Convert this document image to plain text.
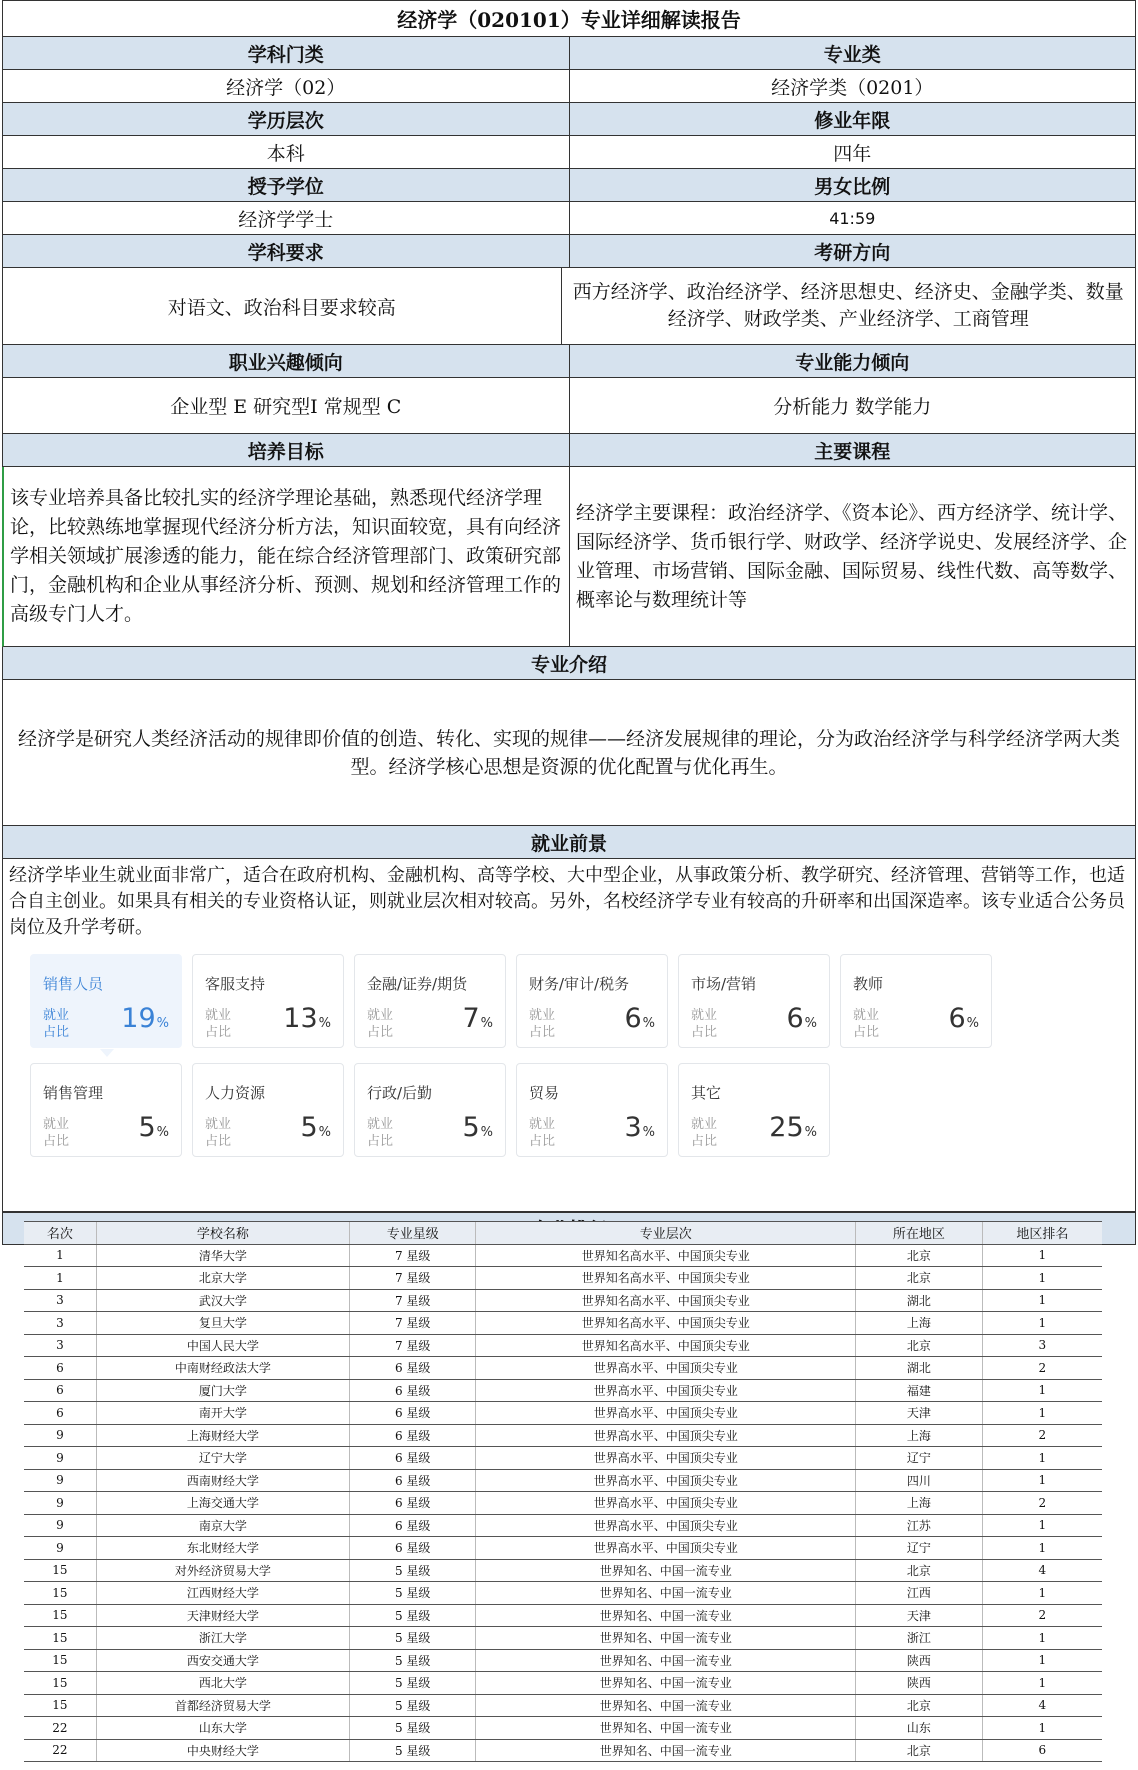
经济学（020101）专业详细解读报告
学科门类	专业类
经济学（02）	经济学类（0201）
学历层次	修业年限
本科	四年
授予学位	男女比例
经济学学士	41:59
学科要求	考研方向
对语文、政治科目要求较高
西方经济学、政治经济学、经济思想史、经济史、金融学类、数量经济学、财政学类、产业经济学、工商管理
职业兴趣倾向	专业能力倾向
企业型 E 研究型I 常规型 C	分析能力 数学能力
培养目标	主要课程
该专业培养具备比较扎实的经济学理论基础，熟悉现代经济学理论，比较熟练地掌握现代经济分析方法，知识面较宽，具有向经济学相关领域扩展渗透的能力，能在综合经济管理部门、政策研究部门，金融机构和企业从事经济分析、预测、规划和经济管理工作的高级专门人才。
经济学主要课程：政治经济学、《资本论》、西方经济学、统计学、国际经济学、货币银行学、财政学、经济学说史、发展经济学、企业管理、市场营销、国际金融、国际贸易、线性代数、高等数学、概率论与数理统计等
专业介绍
经济学是研究人类经济活动的规律即价值的创造、转化、实现的规律——经济发展规律的理论，分为政治经济学与科学经济学两大类型。经济学核心思想是资源的优化配置与优化再生。
就业前景
经济学毕业生就业面非常广，适合在政府机构、金融机构、高等学校、大中型企业，从事政策分析、教学研究、经济管理、营销等工作，也适合自主创业。如果具有相关的专业资格认证，则就业层次相对较高。另外，名校经济学专业有较高的升研率和出国深造率。该专业适合公务员岗位及升学考研。
销售人员
就业
占比 19%
客服支持
就业
占比 13%
金融/证券/期货
就业
占比	7%
财务/审计/税务
就业
占比	6%
市场/营销
就业
占比	6%
教师
就业
占比	6%
销售管理
就业
占比	5%
人力资源
就业
占比	5%
行政/后勤
就业
占比	5%
贸易
就业
占比	3%
其它
就业
占比 25%
名次	学校名称	专业星级	专业层次	所在地区	地区排名
1	清华大学	7 星级	世界知名高水平、中国顶尖专业	北京	1
1	北京大学	7 星级	世界知名高水平、中国顶尖专业	北京	1
3	武汉大学	7 星级	世界知名高水平、中国顶尖专业	湖北	1
3	复旦大学	7 星级	世界知名高水平、中国顶尖专业	上海	1
3	中国人民大学	7 星级	世界知名高水平、中国顶尖专业	北京	3
6	中南财经政法大学	6 星级	世界高水平、中国顶尖专业	湖北	2
6	厦门大学	6 星级	世界高水平、中国顶尖专业	福建	1
6	南开大学	6 星级	世界高水平、中国顶尖专业	天津	1
9	上海财经大学	6 星级	世界高水平、中国顶尖专业	上海	2
9	辽宁大学	6 星级	世界高水平、中国顶尖专业	辽宁	1
9	西南财经大学	6 星级	世界高水平、中国顶尖专业	四川	1
9	上海交通大学	6 星级	世界高水平、中国顶尖专业	上海	2
9	南京大学	6 星级	世界高水平、中国顶尖专业	江苏	1
9	东北财经大学	6 星级	世界高水平、中国顶尖专业	辽宁	1
15	对外经济贸易大学	5 星级	世界知名、中国一流专业	北京	4
15	江西财经大学	5 星级	世界知名、中国一流专业	江西	1
15	天津财经大学	5 星级	世界知名、中国一流专业	天津	2
15	浙江大学	5 星级	世界知名、中国一流专业	浙江	1
15	西安交通大学	5 星级	世界知名、中国一流专业	陕西	1
15	西北大学	5 星级	世界知名、中国一流专业	陕西	1
15	首都经济贸易大学	5 星级	世界知名、中国一流专业	北京	4
22	山东大学	5 星级	世界知名、中国一流专业	山东	1
22	中央财经大学	5 星级	世界知名、中国一流专业	北京	6
